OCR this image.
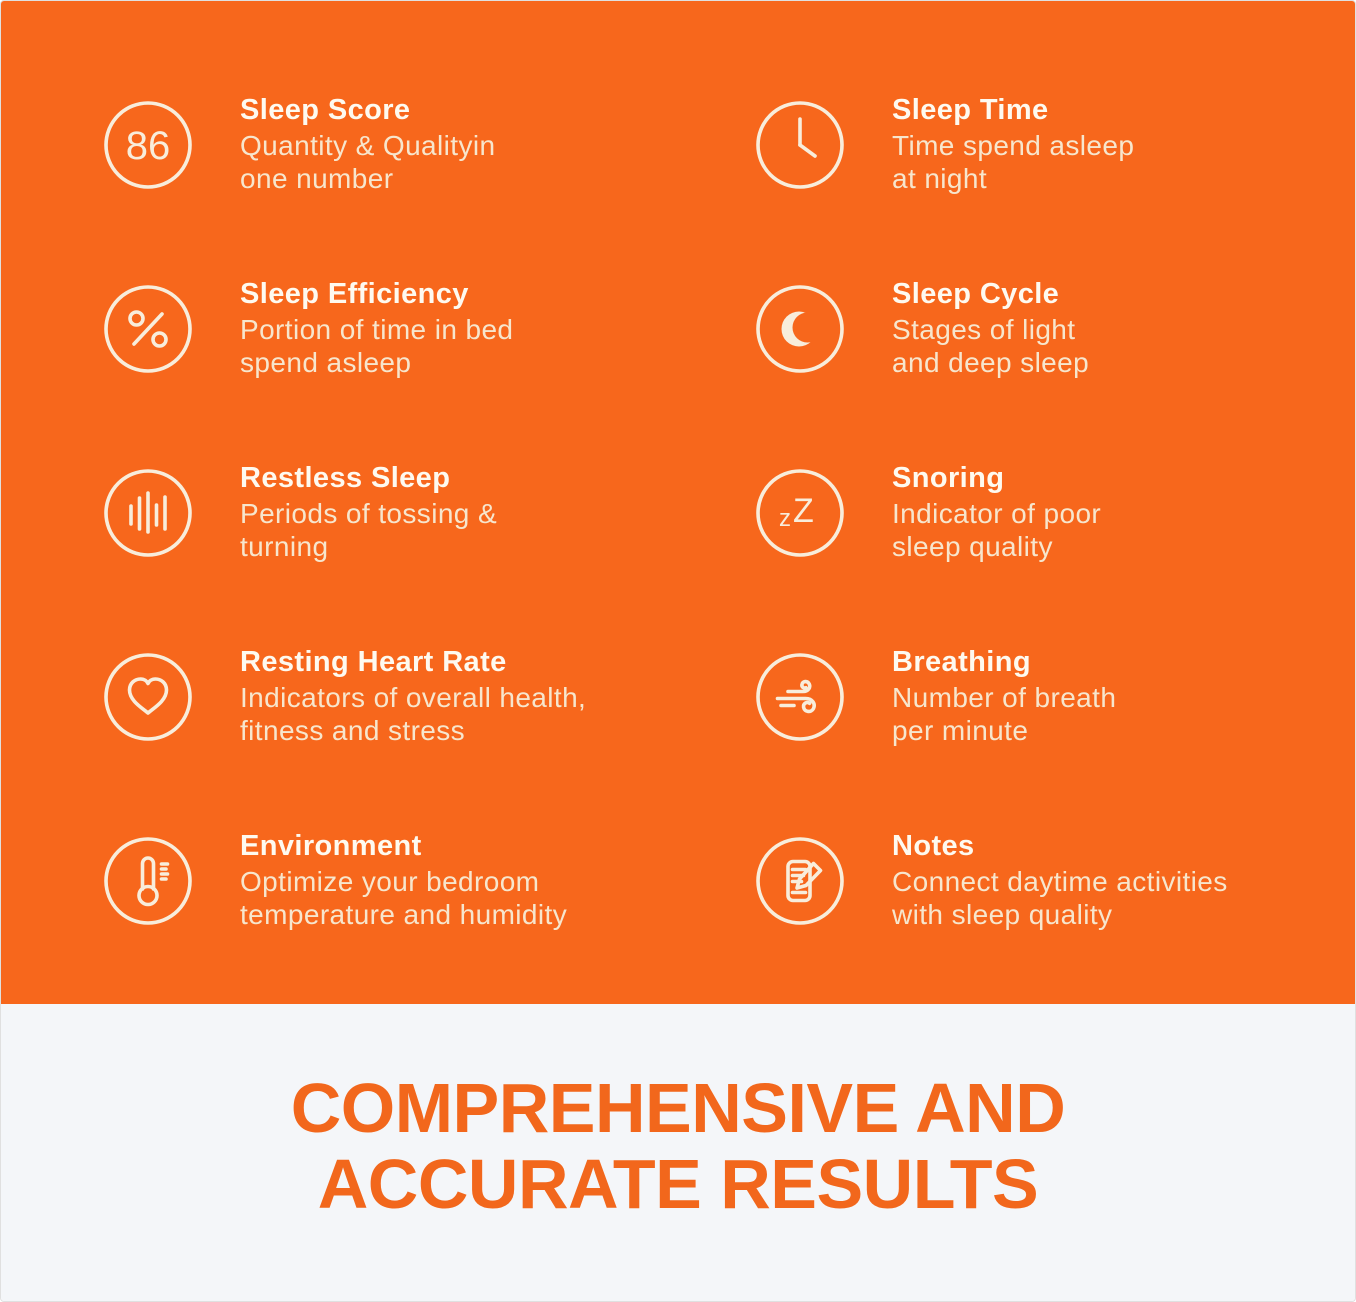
86
Sleep Score
Quantity & Qualityin
one number
Sleep Time
Time spend asleep
at night
Sleep Efficiency
Portion of time in bed
spend asleep
Sleep Cycle
Stages of light
and deep sleep
Restless Sleep
Periods of tossing &
turning
z Z
Snoring
Indicator of poor
sleep quality
Resting Heart Rate
Indicators of overall health,
fitness and stress
Breathing
Number of breath
per minute
Environment
Optimize your bedroom
temperature and humidity
Notes
Connect daytime activities
with sleep quality
COMPREHENSIVE AND
ACCURATE RESULTS
